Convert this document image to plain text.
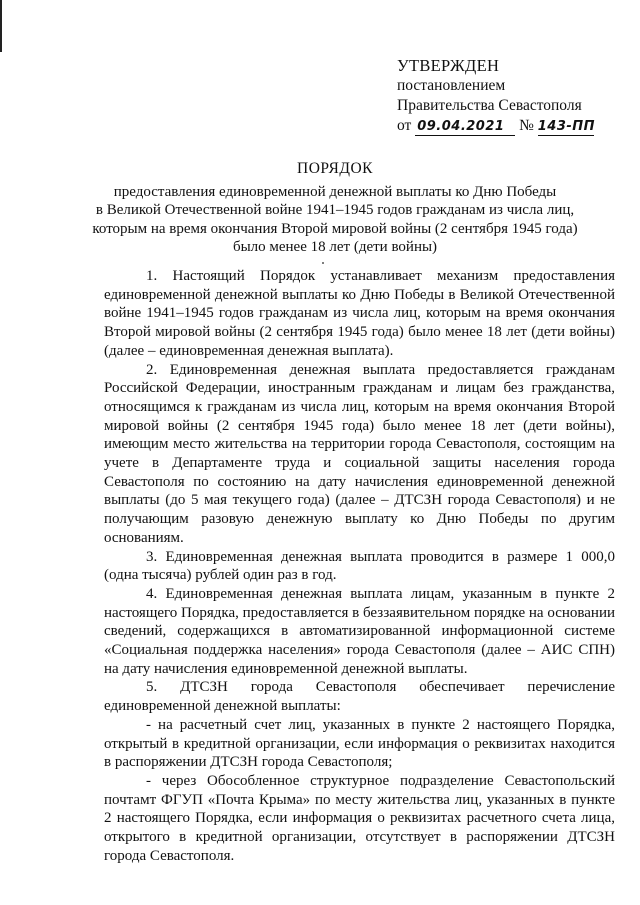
УТВЕРЖДЕН
постановлением
Правительства Севастополя
от 09.04.2021 № 143-ПП
ПОРЯДОК
предоставления единовременной денежной выплаты ко Дню Победы
в Великой Отечественной войне 1941–1945 годов гражданам из числа лиц,
которым на время окончания Второй мировой войны (2 сентября 1945 года)
было менее 18 лет (дети войны)

1. Настоящий Порядок устанавливает механизм предоставления единовременной денежной выплаты ко Дню Победы в Великой Отечественной войне 1941–1945 годов гражданам из числа лиц, которым на время окончания Второй мировой войны (2 сентября 1945 года) было менее 18 лет (дети войны) (далее – единовременная денежная выплата).

2. Единовременная денежная выплата предоставляется гражданам Российской Федерации, иностранным гражданам и лицам без гражданства, относящимся к гражданам из числа лиц, которым на время окончания Второй мировой войны (2 сентября 1945 года) было менее 18 лет (дети войны), имеющим место жительства на территории города Севастополя, состоящим на учете в Департаменте труда и социальной защиты населения города Севастополя по состоянию на дату начисления единовременной денежной выплаты (до 5 мая текущего года) (далее – ДТСЗН города Севастополя) и не получающим разовую денежную выплату ко Дню Победы по другим основаниям.

3. Единовременная денежная выплата проводится в размере 1 000,0 (одна тысяча) рублей один раз в год.

4. Единовременная денежная выплата лицам, указанным в пункте 2 настоящего Порядка, предоставляется в беззаявительном порядке на основании сведений, содержащихся в автоматизированной информационной системе «Социальная поддержка населения» города Севастополя (далее – АИС СПН) на дату начисления единовременной денежной выплаты.

5. ДТСЗН города Севастополя обеспечивает перечисление единовременной денежной выплаты:

- на расчетный счет лиц, указанных в пункте 2 настоящего Порядка, открытый в кредитной организации, если информация о реквизитах находится в распоряжении ДТСЗН города Севастополя;

- через Обособленное структурное подразделение Севастопольский почтамт ФГУП «Почта Крыма» по месту жительства лиц, указанных в пункте 2 настоящего Порядка, если информация о реквизитах расчетного счета лица, открытого в кредитной организации, отсутствует в распоряжении ДТСЗН города Севастополя.
